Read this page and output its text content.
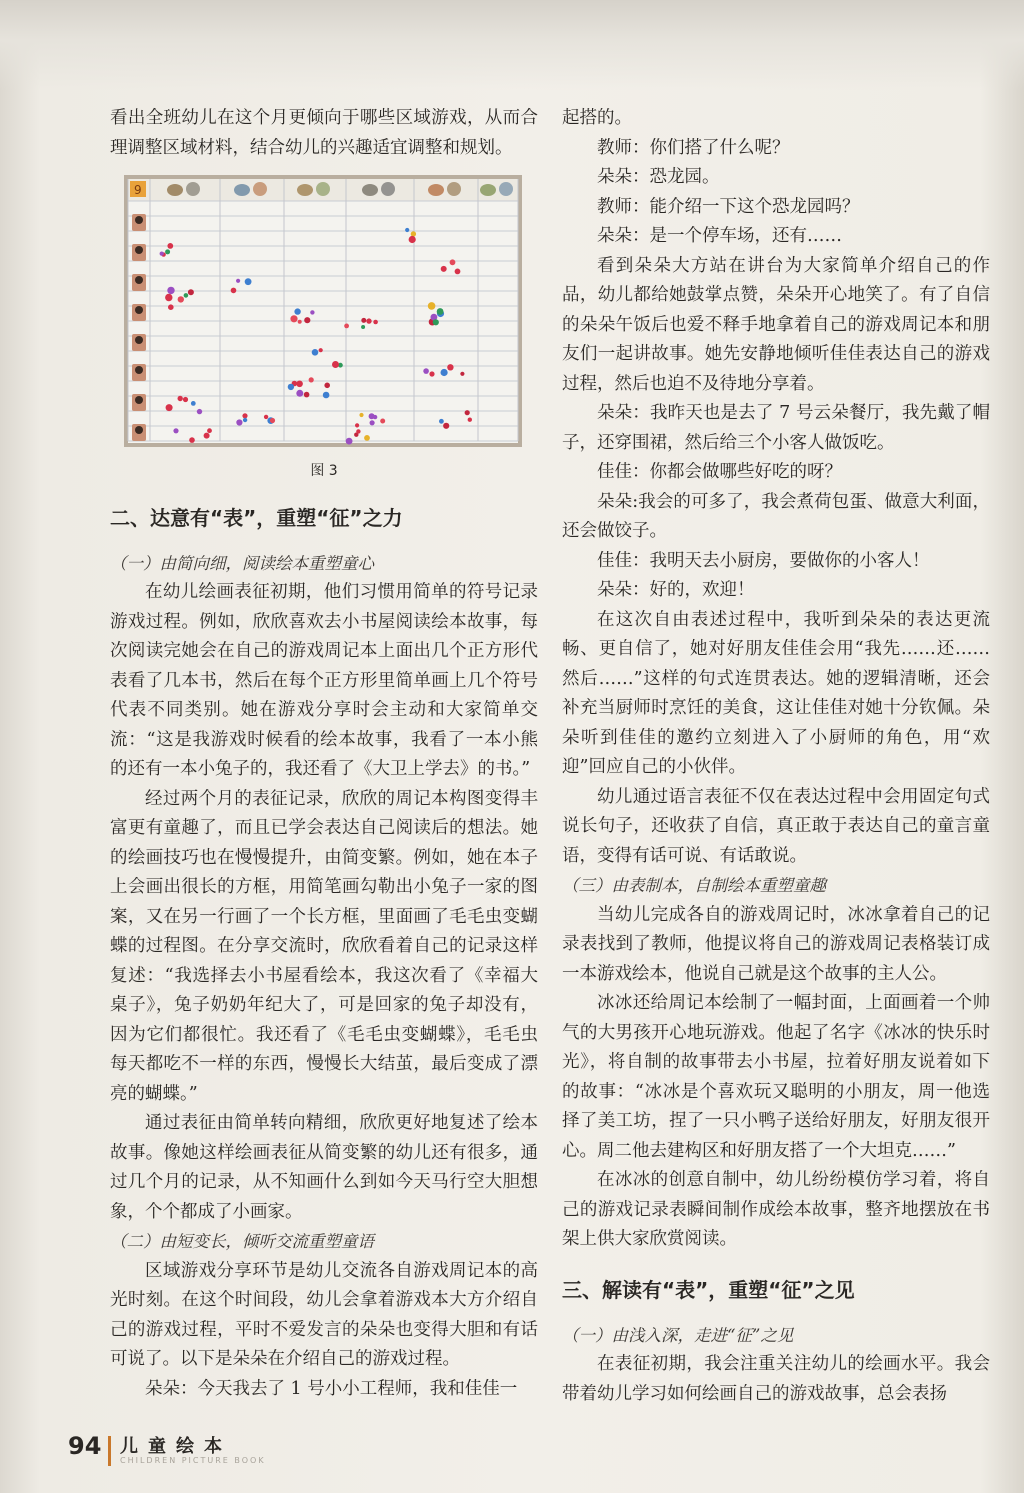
看出全班幼儿在这个月更倾向于哪些区域游戏，从而合理调整区域材料，结合幼儿的兴趣适宜调整和规划。

9
图 3
二、达意有“表”，重塑“征”之力
（一）由简向细，阅读绘本重塑童心

在幼儿绘画表征初期，他们习惯用简单的符号记录游戏过程。例如，欣欣喜欢去小书屋阅读绘本故事，每次阅读完她会在自己的游戏周记本上面出几个正方形代表看了几本书，然后在每个正方形里简单画上几个符号代表不同类别。她在游戏分享时会主动和大家简单交流：“这是我游戏时候看的绘本故事，我看了一本小熊的还有一本小兔子的，我还看了《大卫上学去》的书。”

经过两个月的表征记录，欣欣的周记本构图变得丰富更有童趣了，而且已学会表达自己阅读后的想法。她的绘画技巧也在慢慢提升，由简变繁。例如，她在本子上会画出很长的方框，用简笔画勾勒出小兔子一家的图案，又在另一行画了一个长方框，里面画了毛毛虫变蝴蝶的过程图。在分享交流时，欣欣看着自己的记录这样复述：“我选择去小书屋看绘本，我这次看了《幸福大桌子》，兔子奶奶年纪大了，可是回家的兔子却没有，因为它们都很忙。我还看了《毛毛虫变蝴蝶》，毛毛虫每天都吃不一样的东西，慢慢长大结茧，最后变成了漂亮的蝴蝶。”

通过表征由简单转向精细，欣欣更好地复述了绘本故事。像她这样绘画表征从简变繁的幼儿还有很多，通过几个月的记录，从不知画什么到如今天马行空大胆想象，个个都成了小画家。

（二）由短变长，倾听交流重塑童语

区域游戏分享环节是幼儿交流各自游戏周记本的高光时刻。在这个时间段，幼儿会拿着游戏本大方介绍自己的游戏过程，平时不爱发言的朵朵也变得大胆和有话可说了。以下是朵朵在介绍自己的游戏过程。

朵朵：今天我去了 1 号小小工程师，我和佳佳一

起搭的。

教师：你们搭了什么呢？

朵朵：恐龙园。

教师：能介绍一下这个恐龙园吗？

朵朵：是一个停车场，还有……

看到朵朵大方站在讲台为大家简单介绍自己的作品，幼儿都给她鼓掌点赞，朵朵开心地笑了。有了自信的朵朵午饭后也爱不释手地拿着自己的游戏周记本和朋友们一起讲故事。她先安静地倾听佳佳表达自己的游戏过程，然后也迫不及待地分享着。

朵朵：我昨天也是去了 7 号云朵餐厅，我先戴了帽子，还穿围裙，然后给三个小客人做饭吃。

佳佳：你都会做哪些好吃的呀？

朵朵:我会的可多了，我会煮荷包蛋、做意大利面，还会做饺子。

佳佳：我明天去小厨房，要做你的小客人！

朵朵：好的，欢迎！

在这次自由表述过程中，我听到朵朵的表达更流畅、更自信了，她对好朋友佳佳会用“我先……还……然后……”这样的句式连贯表达。她的逻辑清晰，还会补充当厨师时烹饪的美食，这让佳佳对她十分钦佩。朵朵听到佳佳的邀约立刻进入了小厨师的角色，用“欢迎”回应自己的小伙伴。

幼儿通过语言表征不仅在表达过程中会用固定句式说长句子，还收获了自信，真正敢于表达自己的童言童语，变得有话可说、有话敢说。

（三）由表制本，自制绘本重塑童趣

当幼儿完成各自的游戏周记时，冰冰拿着自己的记录表找到了教师，他提议将自己的游戏周记表格装订成一本游戏绘本，他说自己就是这个故事的主人公。

冰冰还给周记本绘制了一幅封面，上面画着一个帅气的大男孩开心地玩游戏。他起了名字《冰冰的快乐时光》，将自制的故事带去小书屋，拉着好朋友说着如下的故事：“冰冰是个喜欢玩又聪明的小朋友，周一他选择了美工坊，捏了一只小鸭子送给好朋友，好朋友很开心。周二他去建构区和好朋友搭了一个大坦克……”

在冰冰的创意自制中，幼儿纷纷模仿学习着，将自己的游戏记录表瞬间制作成绘本故事，整齐地摆放在书架上供大家欣赏阅读。

三、解读有“表”，重塑“征”之见
（一）由浅入深，走进“征”之见

在表征初期，我会注重关注幼儿的绘画水平。我会带着幼儿学习如何绘画自己的游戏故事，总会表扬

94 儿童绘本
CHILDREN PICTURE BOOK
